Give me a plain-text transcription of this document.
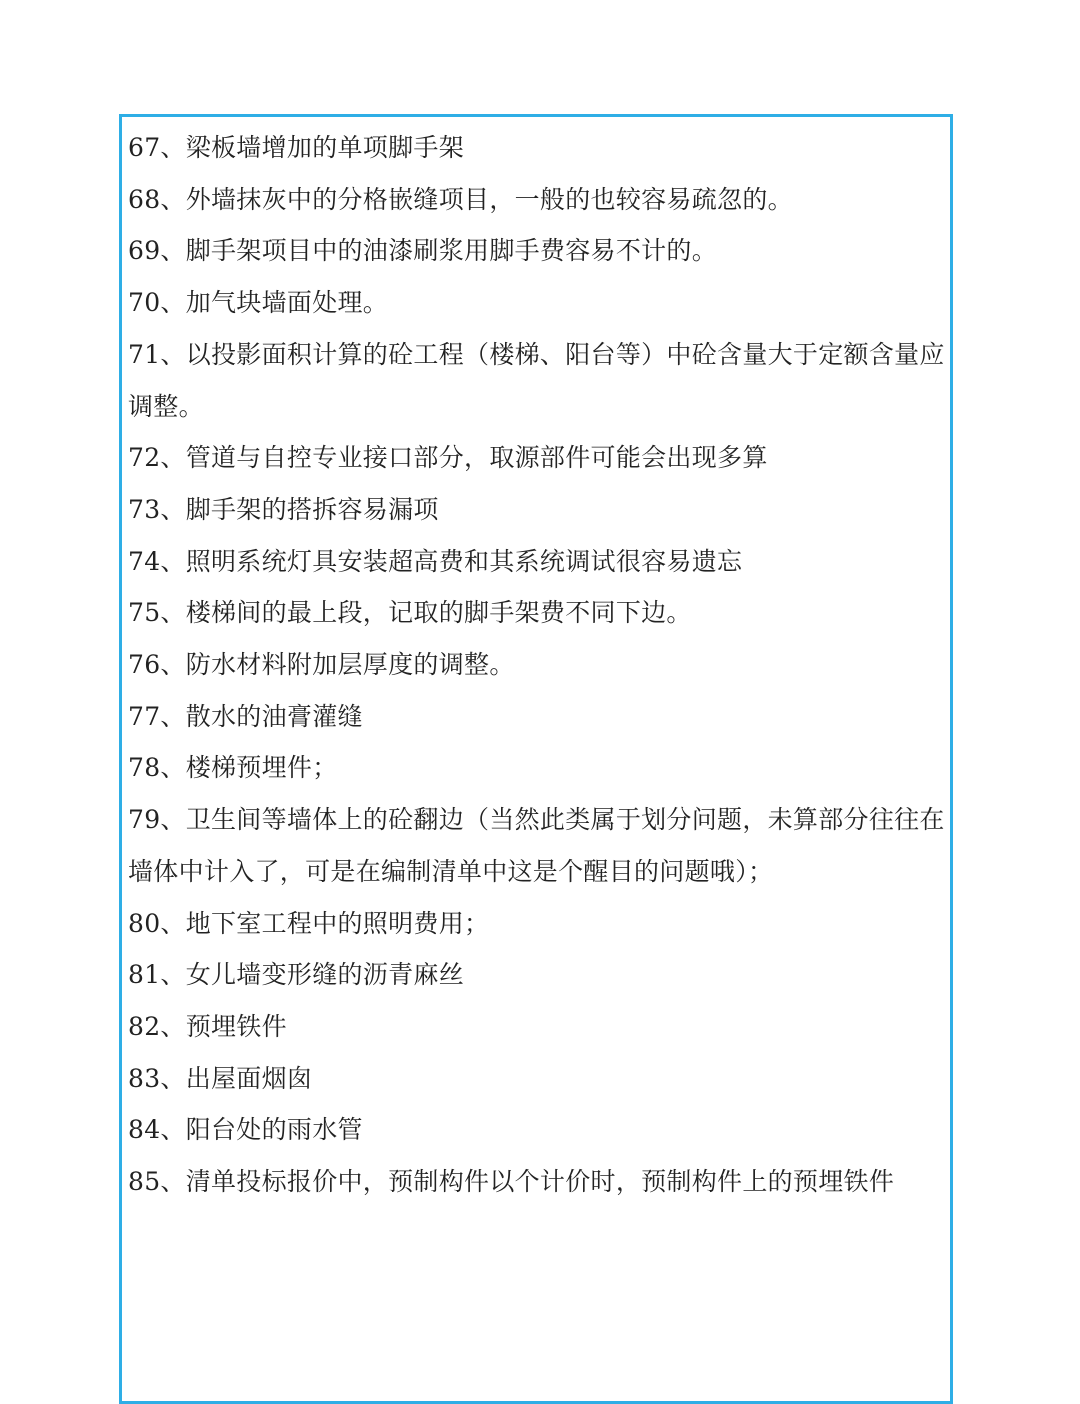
67、梁板墙增加的单项脚手架
68、外墙抹灰中的分格嵌缝项目，一般的也较容易疏忽的。
69、脚手架项目中的油漆刷浆用脚手费容易不计的。
70、加气块墙面处理。
71、以投影面积计算的砼工程（楼梯、阳台等）中砼含量大于定额含量应调整。
72、管道与自控专业接口部分，取源部件可能会出现多算
73、脚手架的搭拆容易漏项
74、照明系统灯具安装超高费和其系统调试很容易遗忘
75、楼梯间的最上段，记取的脚手架费不同下边。
76、防水材料附加层厚度的调整。
77、散水的油膏灌缝
78、楼梯预埋件；
79、卫生间等墙体上的砼翻边（当然此类属于划分问题，未算部分往往在墙体中计入了，可是在编制清单中这是个醒目的问题哦）；
80、地下室工程中的照明费用；
81、女儿墙变形缝的沥青麻丝
82、预埋铁件
83、出屋面烟囱
84、阳台处的雨水管
85、清单投标报价中，预制构件以个计价时，预制构件上的预埋铁件
